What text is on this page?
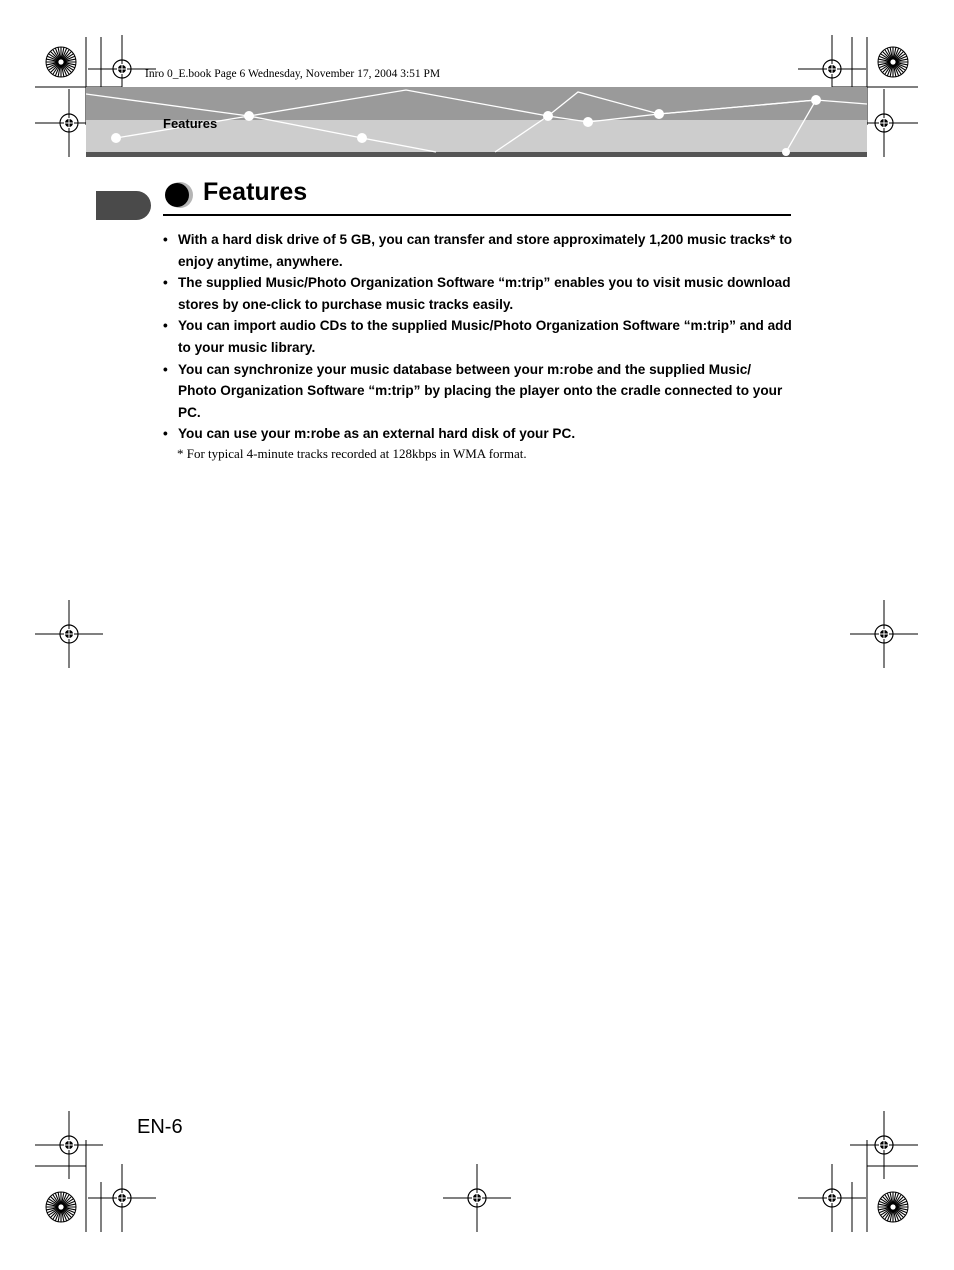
Inro 0_E.book Page 6 Wednesday, November 17, 2004 3:51 PM
Features
Features
• With a hard disk drive of 5 GB, you can transfer and store approximately 1,200 music tracks* to enjoy anytime, anywhere.
• The supplied Music/Photo Organization Software “m:trip” enables you to visit music download stores by one-click to purchase music tracks easily.
• You can import audio CDs to the supplied Music/Photo Organization Software “m:trip” and add to your music library.
• You can synchronize your music database between your m:robe and the supplied Music/ Photo Organization Software “m:trip” by placing the player onto the cradle connected to your PC.
• You can use your m:robe as an external hard disk of your PC.
* For typical 4-minute tracks recorded at 128kbps in WMA format.
EN-6
